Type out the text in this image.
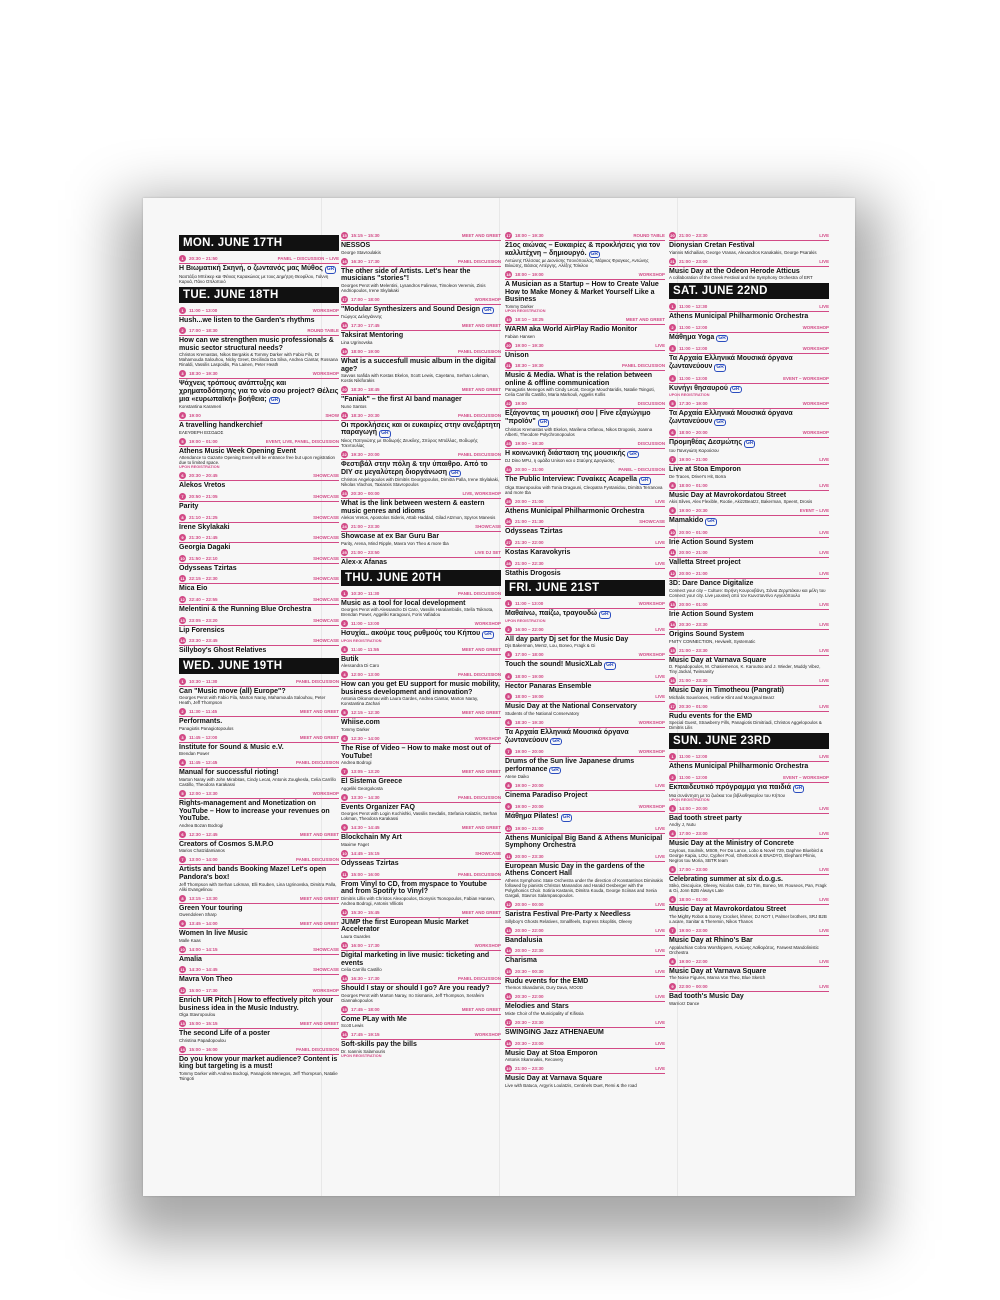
MON. JUNE 17TH
1	20:30 – 21:50	PANEL – DISCUSSION – LIVE
Η Βιωματική Σκηνή, ο ζωντανός μας Μύθος GR
Ναστάζιο Μπέικερ και Φένιας Καρακώνας με τους Δημήτρη Θεοφίλου, Γιάννη Καρυά, Πάνο Οπλοποιό
TUE. JUNE 18TH
1	11:00 – 13:00	WORKSHOP
Hush...we listen to the Garden's rhythms
2	17:00 – 18:30	ROUND TABLE
How can we strengthen music professionals & music sector structural needs?
Christos Kremastas, Nikos Bergakis & Tommy Darker with Fabio Fils, Dr Mahamouda Salouhou, Nicky Greet, Decilinda Da Silva, Andrea Ciantar, Rossana Rinaldi, Vassilis Laspoidis, Pia Lainen, Peter Heath
3	18:30 – 19:30	WORKSHOP
Ψάχνεις τρόπους ανάπτυξης και χρηματοδότησης για το νέο σου project? Θέλεις μια «ευρωπαϊκή» βοήθεια; GR
Konstantina Karameri
4	19:00	SHOW
A travelling handkerchief
ΕΛΕΥΘΕΡΗ ΕΙΣΟΔΟΣ
5	19:00 – 01:00	EVENT, LIVE, PANEL, DISCUSSION
Athens Music Week Opening Event
Attendance to Gazarte Opening Event will be entrance free but upon registration due to limited space.
UPON REGISTRATION
6	20:30 – 20:45	SHOWCASE
Alekos Vretos
7	20:50 – 21:05	SHOWCASE
Parity
8	21:10 – 21:25	SHOWCASE
Irene Skylakaki
9	21:30 – 21:45	SHOWCASE
Georgia Dagaki
10 21:50 – 22:10	SHOWCASE
Odysseas Tzirtas
11 22:15 – 22:30	SHOWCASE
Mica Eio
12 22:40 – 22:55	SHOWCASE
Melentini & the Running Blue Orchestra
13 23:05 – 23:20	SHOWCASE
Lip Forensics
14 23:30 – 23:45	SHOWCASE
Sillyboy's Ghost Relatives
WED. JUNE 19TH
1	10:30 – 11:30	PANEL DISCUSSION
Can "Music move (all) Europe"?
Georges Perot with Fabio Fila, Marton Naray, Mahamouda Salouhou, Peter Heath, Jeff Thompson
2	11:30 – 11:45	MEET AND GREET
Performants.
Panagiotis Panagiotopoulos
3	11:45 – 12:00	MEET AND GREET
Institute for Sound & Music e.V.
Brendan Power
4	11:45 – 12:45	PANEL DISCUSSION
Manual for successful rioting!
Marton Naray with John Mirabitas, Cindy Lecat, Antonis Zougkesla, Celia Carrillo Castillo, Theodora Karakassi
5	12:00 – 13:30	WORKSHOP
Rights-management and Monetization on YouTube – How to increase your revenues on YouTube.
Andrea Bozan Bodrogi
6	12:30 – 12:45	MEET AND GREET
Creators of Cosmos S.M.P.O
Marios Chatzidamianos
7	13:00 – 14:00	PANEL DISCUSSION
Artists and bands Booking Maze! Let's open Pandora's box!
Jeff Thompson with Serhan Lokman, Elli Rouben, Lina Ugrinovska, Dimitra Palla, Aliki Evangelinou
8	13:15 – 13:30	MEET AND GREET
Green Your touring
Gwendoleen Sharp
9	13:45 – 14:00	MEET AND GREET
Women In live Music
Malle Kaas
10 14:00 – 14:15	SHOWCASE
Amalia
11 14:30 – 14:45	SHOWCASE
Mavra Von Theo
12 15:00 – 17:30	WORKSHOP
Enrich UR Pitch | How to effectively pitch your business idea in the Music Industry.
Olga Stavropoulou
13 15:00 – 15:15	MEET AND GREET
The second Life of a poster
Christina Papadopoulou
14 15:00 – 16:00	PANEL DISCUSSION
Do you know your market audience? Content is king but targeting is a must!
Tommy Darker with Andrea Bodrogi, Panagiotis Menegos, Jeff Thompson, Natalie Tsingoti
15 15:15 – 15:30	MEET AND GREET
NESSOS
George Stavroulakis
16 16:30 – 17:30	PANEL DISCUSSION
The other side of Artists. Let's hear the musicians "stories"!
Georges Perot with Melentini, Lysandros Falireas, Timoleon Veremis, Zisis Andriopoulos, Irene Skylakaki
17 17:00 – 18:00	WORKSHOP
"Modular Synthesizers and Sound Design GR
Γιώργος Δεληγιάννης
18 17:30 – 17:45	MEET AND GREET
Taksirat Mentoring
Lina Ugrinovska
19 18:00 – 19:00	PANEL DISCUSSION
What is a succesfull music album in the digital age?
Savvas Ioafida with Kostas Ekelon, Scott Lewis, Cayetano, Serhan Lokman, Kostis Nikiforakis
20 18:30 – 18:45	MEET AND GREET
"Faniak" – the first AI band manager
Nuno Santos
21 18:30 – 20:30	PANEL DISCUSSION
Οι προκλήσεις και οι ευκαιρίες στην ανεξάρτητη παραγωγή GR
Νίκος Πατηνιώτης με Θοδωρής Ζευκίλης, Σπύρος Μπάλλας, Θοδωρής Τσεντουλίας
22 19:30 – 20:00	PANEL DISCUSSION
Φεστιβάλ στην πόλη & την ύπαιθρο. Από το DIY σε μεγαλύτερη διοργάνωση GR
Christos Angelopoulos with Dimitris Georgopoulos, Dimitra Palla, Irene Skylakaki, Nikolas Vlachos, Taxiarxis Stavropoulos
23 20:30 – 00:00	LIVE, WORKSHOP
What is the link between western & eastern music genres and idioms
Alekos Vretos, Apostolos Sideris, Attab Haddad, Gilad Atzmon, Spyros Manesis
24 21:00 – 23:30	SHOWCASE
Showcase at ex Bar Guru Bar
Parity, Arena, Mind Ripple, Mavra Von Theo & more tba
25 21:00 – 23:50	LIVE DJ SET
Alex-x Afanas
THU. JUNE 20TH
1	10:30 – 11:30	PANEL DISCUSSION
Music as a tool for local development
Georges Perot with Alessandro Di Caro, Vassilis Haralambidis, Stella Tsiknota, Brendan Power, Aggeliki Karagouni, Foris Vafiadou
2	11:00 – 13:00	WORKSHOP
Ησυχία.. ακούμε τους ρυθμούς του Κήπου GR
UPON REGISTRATION
3	11:40 – 11:55	MEET AND GREET
Butik
Alessandra Di Caro
4	12:00 – 13:00	PANEL DISCUSSION
How can you get EU support for music mobility, business development and innovation?
Antonia Oikonomou with Laura Gardes, Andrea Ciantar, Marton Naray, Konstantina Zachari
5	12:15 – 12:30	MEET AND GREET
Whiise.com
Tommy Darker
6	12:30 – 14:00	WORKSHOP
The Rise of Video – How to make most out of YouTube!
Andrea Bodrogi
7	13:05 – 13:20	MEET AND GREET
El Sistema Greece
Aggeliki Georgokosta
8	13:30 – 14:30	PANEL DISCUSSION
Events Organizer FAQ
Georges Perot with Login Kochishki, Vassilis Sevdalis, Stefania Kalatzis, Serhan Lokman, Theodora Karakassi
9	14:30 – 14:45	MEET AND GREET
Blockchain My Art
Maxime Faget
10 14:45 – 15:15	SHOWCASE
Odysseas Tzirtas
11 15:00 – 16:00	PANEL DISCUSSION
From Vinyl to CD, from myspace to Youtube and from Spotify to Vinyl?
Dimitris Lillis with Christos Alexopoulos, Dionysis Tsonopoulos, Fabian Hansen, Andrea Bodrogi, Antonis Villiotis
12 15:30 – 15:45	MEET AND GREET
JUMP the first European Music Market Accelerator
Laura Guardes
13 16:00 – 17:30	WORKSHOP
Digital marketing in live music: ticketing and events
Celia Carrillo Castillo
14 16:30 – 17:30	PANEL DISCUSSION
Should I stay or should I go? Are you ready?
Georges Perot with Marton Naray, Iro Sismanis, Jeff Thompson, Serafeim Giannakopoulos
15 17:45 – 18:00	MEET AND GREET
Come PLay with Me
Scott Lewis
16 17:45 – 19:15	WORKSHOP
Soft-skills pay the bills
Dr. Ioannis Salamouris
UPON REGISTRATION
17 18:00 – 19:30	ROUND TABLE
21ος αιώνας – Ευκαιρίες & προκλήσεις για τον καλλιτέχνη – δημιουργό. GR
Αντώνης Πλέσσας με Διονύσης Τσονόπουλος, Μάρκος Φραγκος, Αντώνης Βιλιώτης, Βάσιας Απέργης, Αλέξης Τσίκλου
18 18:00 – 19:00	WORKSHOP
A Musician as a Startup – How to Create Value How to Make Money & Market Yourself Like a Business
Tommy Darker
UPON REGISTRATION
19 18:10 – 18:25	MEET AND GREET
WARM aka World AirPlay Radio Monitor
Fabian Hansen
20 19:00 – 19:30	LIVE
Unison
21 18:30 – 19:30	PANEL DISCUSSION
Music & Media. What is the relation between online & offline communication
Panagiotis Menegos with Cindy Lecat, George Mouchtaridis, Natalie Tsingoti, Celia Carrillo Castillo, Maria Markouli, Aggelis Kollis
22 19:00	DISCUSSION
Εξάγοντας τη μουσική σου | Five εξαγώγιμο "προϊόν" GR
Christos Kremastas with Ekelon, Marilena Orfanou, Nikos Drogosis, Joanna Alberti, Theodore Polychronopoulos
23 19:00 – 19:30	DISCUSSION
Η κοινωνική διάσταση της μουσικής GR
DJ Dino MFU, η ομάδα Unison και ο Σταύρης Δρογώσης
24 20:00 – 21:00	PANEL – DISCUSSION
The Public Interview: Γυναίκες Acapella GR
Olga Stavropoulou with Tonia Dragouni, Cleopatra Fyntanidou, Dimitra Terranova and more tba
25 20:00 – 21:00	LIVE
Athens Municipal Philharmonic Orchestra
26 21:00 – 21:30	SHOWCASE
Odysseas Tzirtas
27 21:30 – 22:00	LIVE
Kostas Karavokyris
28 21:00 – 22:30	LIVE
Stathis Drogosis
FRI. JUNE 21ST
1	11:00 – 13:00	WORKSHOP
Μαθαίνω, παίζω, τραγουδώ GR
UPON REGISTRATION
2	16:00 – 22:00	LIVE
All day party Dj set for the Music Day
Djs Bakerman, Mentz, Lou, Boneo, Fragk & Gi
3	17:00 – 18:00	WORKSHOP
Touch the sound! MusicXLab GR
4	18:00 – 19:00	LIVE
Hector Panaras Ensemble
5	18:00 – 19:00	LIVE
Music Day at the National Conservatory
Students of the National Conservatory
6	18:30 – 19:30	WORKSHOP
Τα Αρχαία Ελληνικά Μουσικά όργανα ζωντανεύουν GR
7	19:00 – 20:00	WORKSHOP
Drums of the Sun live Japanese drums performance GR
Atene Daiko
8	19:00 – 20:00	LIVE
Cinema Paradiso Project
9	19:00 – 20:00	WORKSHOP
Μάθημα Pilates! GR
10 19:00 – 21:00	LIVE
Athens Municipal Big Band & Athens Municipal Symphony Orchestra
11 20:00 – 23:30	LIVE
European Music Day in the gardens of the Athens Concert Hall
Athens Symphonic State Orchestra under the direction of Konstantinos Diminakis followed by pianists Christos Manandos and Harald Oesberger with the Polyphonics Choir. Sotiria Kastanis, Dimitra Kouda, George Sciinas and Xenia Gargali, Stavros Salampasopoulos.
12 20:00 – 00:00	LIVE
Saristra Festival Pre-Party x Needless
Sillyboy's Ghosts Relatives, Smallfeels, Express Skoplitis, Oleevy
13 20:00 – 22:00	LIVE
Bandalusia
14 20:00 – 22:30	LIVE
Charisma
15 20:30 – 00:30	LIVE
Rudu events for the EMD
Themos Skandamis, Dury Dava, MOOD
16 20:30 – 22:00	LIVE
Melodies and Stars
Mixte Choir of the Municipality of Kifissia
17 20:30 – 23:30	LIVE
SWINGING Jazz ATHENAEUM
18 20:30 – 23:00	LIVE
Music Day at Stoa Emporon
Antonis Skamnakis, Recovery
19 21:00 – 23:30	LIVE
Music Day at Varnava Square
Live with Batuca, Argyris Loulatzis, Centinels Duet, Remi & the road
20 21:00 – 23:30	LIVE
Dionysian Cretan Festival
Yiannis Michailias, George Vranas, Alexandros Kanakakis, George Psarakis
21 21:00 – 23:00	LIVE
Music Day at the Odeon Herode Atticus
A collaboration of the Greek Festival and the Symphony Orchestra of ERT
SAT. JUNE 22ND
1	11:00 – 12:30	LIVE
Athens Municipal Philharmonic Orchestra
2	11:00 – 12:00	WORKSHOP
Μάθημα Yoga GR
3	11:00 – 12:00	WORKSHOP
Τα Αρχαία Ελληνικά Μουσικά όργανα ζωντανεύουν GR
4	11:00 – 13:00	EVENT – WORKSHOP
Κυνήγι θησαυρού GR
UPON REGISTRATION
5	17:30 – 19:00	WORKSHOP
Τα Αρχαία Ελληνικά Μουσικά όργανα ζωντανεύουν GR
6	18:00 – 20:00	WORKSHOP
Προμηθέας Δεσμώτης GR
του Πανεγιώτη Καρούσου
7	19:00 – 21:00	LIVE
Live at Stoa Emporon
De Traces, Driver's Hit, Borra
8	18:00 – 01:00	LIVE
Music Day at Mavrokordatou Street
Akis Silves, Alex Flexible, Rootie, AkizzBeatzz, Bakerman, Speent, Drosis
9	19:00 – 20:30	EVENT – LIVE
Mamakido GR
10 20:00 – 01:00	LIVE
Irie Action Sound System
11 20:00 – 21:00	LIVE
Valletta Street project
12 20:00 – 21:00	LIVE
3D: Dare Dance Digitalize
Connect your city – Culture: Ειρήνη Κουρουβάνη, Σάνια Ζερμπάκου και μέλη του Connect your city. Live μουσική από τον Κωνσταντίνο Αγγελόπουλο
13 20:00 – 01:00	LIVE
Irie Action Sound System
14 20:30 – 23:30	LIVE
Origins Sound System
FNITY CONNECTION, Heviwelt, Systematic
15 21:00 – 23:30	LIVE
Music Day at Varnava Square
D. Papadopoulos, M. Chasiemenos, K. Karoutso and J. Wieder, Muddy Vibez, Tiny Jackal, Twinsanity
16 21:00 – 23:30	LIVE
Music Day in Timotheou (Pangrati)
Michalis Souvriones, Hotline Klint and Mongmal Bearz
17 20:30 – 01:00	LIVE
Rudu events for the EMD
Special Guest, Strawberry Fills, Panagiotis Dimitriadi, Christos Aggelopoulos & Dimitris Lilis
SUN. JUNE 23RD
1	11:00 – 12:00	LIVE
Athens Municipal Philharmonic Orchestra
2	11:00 – 12:00	EVENT – WORKSHOP
Εκπαιδευτικό πρόγραμμα για παιδιά GR
Μια συνάντηση με τα ζωάκια του βιβλιοθηκαρίου του Κήπου
UPON REGISTRATION
3	14:00 – 20:00	LIVE
Bad tooth street party
Andry J, Nutu
4	17:00 – 23:00	LIVE
Music Day at the Ministry of Concrete
Cayrous, Soulmik, MS09, Fer Da Lance, Lobo & Novel 729, Daphne Bluebird & George Kapia, LOU, Cypher Pool, Ghettorock & ENADYO, Elephant Phinix, Negros tou Moria, SBTR team
5	17:00 – 23:00	LIVE
Celebrating summer at six d.o.g.s.
Stiko, Discojuice, Oleevy, Nicolas Gale, DJ Tim, Boneo, Mr. Rouseos, Pan, Fragk & Gi, Jonn B2B Always Late
6	18:00 – 01:00	LIVE
Music Day at Mavrokordatou Street
The Mighty Robot & Sonny Crocket, khmer, DJ NOT I, Palmer brothers, SRJ B2B x.acare, Sanitar & Theremin, Nikos Thanos
7	19:00 – 23:00	LIVE
Music Day at Rhino's Bar
Appalachian Cobra Worshippers, Αντώνης Λαθαράτος, Farwest Mandolinistic Orchestra
8	19:00 – 22:00	LIVE
Music Day at Varnava Square
The Noise Figures, Marva Von Theo, Blue Sketch
9	22:00 – 00:00	LIVE
Bad tooth's Music Day
Warriorz Dance
